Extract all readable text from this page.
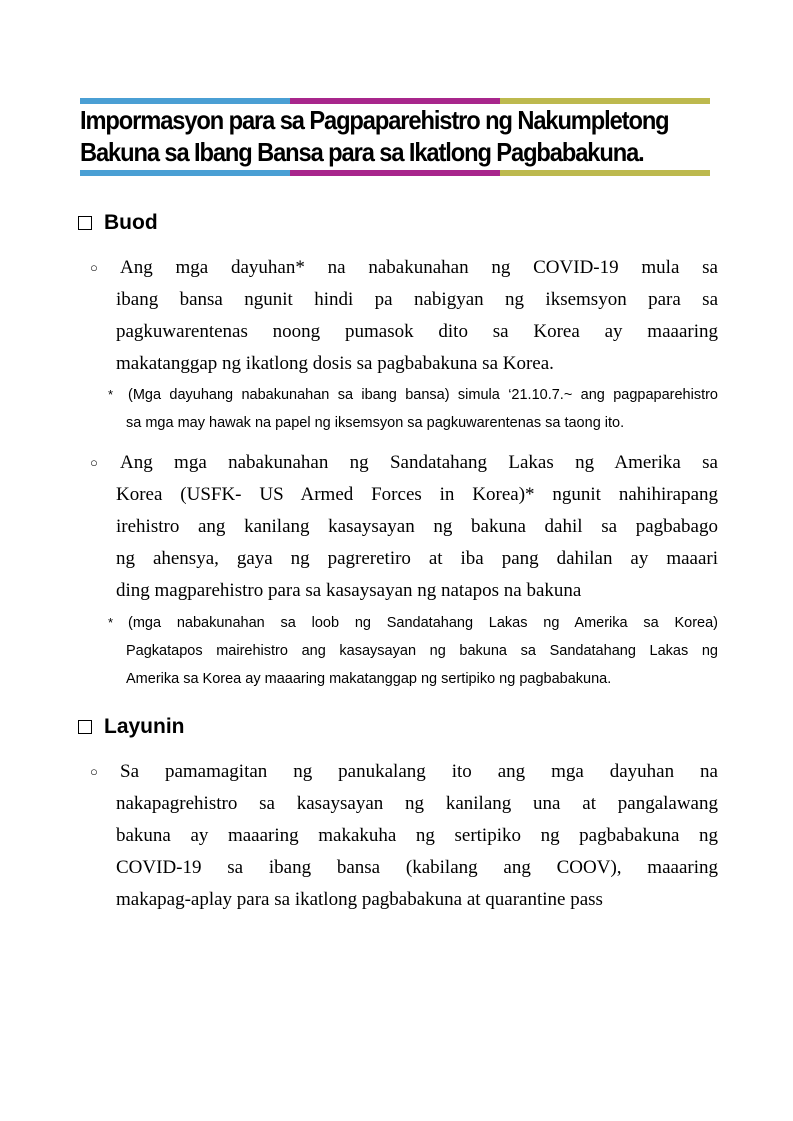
Impormasyon para sa Pagpaparehistro ng Nakumpletong
Bakuna sa Ibang Bansa para sa Ikatlong Pagbabakuna.
Buod
○ Ang mga dayuhan* na nabakunahan ng COVID-19 mula sa
ibang bansa ngunit hindi pa nabigyan ng iksemsyon para sa
pagkuwarentenas noong pumasok dito sa Korea ay maaaring
makatanggap ng ikatlong dosis sa pagbabakuna sa Korea.
* (Mga dayuhang nabakunahan sa ibang bansa) simula ‘21.10.7.~ ang pagpaparehistro
sa mga may hawak na papel ng iksemsyon sa pagkuwarentenas sa taong ito.
○ Ang mga nabakunahan ng Sandatahang Lakas ng Amerika sa
Korea (USFK- US Armed Forces in Korea)* ngunit nahihirapang
irehistro ang kanilang kasaysayan ng bakuna dahil sa pagbabago
ng ahensya, gaya ng pagreretiro at iba pang dahilan ay maaari
ding magparehistro para sa kasaysayan ng natapos na bakuna
* (mga nabakunahan sa loob ng Sandatahang Lakas ng Amerika sa Korea)
Pagkatapos mairehistro ang kasaysayan ng bakuna sa Sandatahang Lakas ng
Amerika sa Korea ay maaaring makatanggap ng sertipiko ng pagbabakuna.
Layunin
○ Sa pamamagitan ng panukalang ito ang mga dayuhan na
nakapagrehistro sa kasaysayan ng kanilang una at pangalawang
bakuna ay maaaring makakuha ng sertipiko ng pagbabakuna ng
COVID-19 sa ibang bansa (kabilang ang COOV), maaaring
makapag-aplay para sa ikatlong pagbabakuna at quarantine pass
